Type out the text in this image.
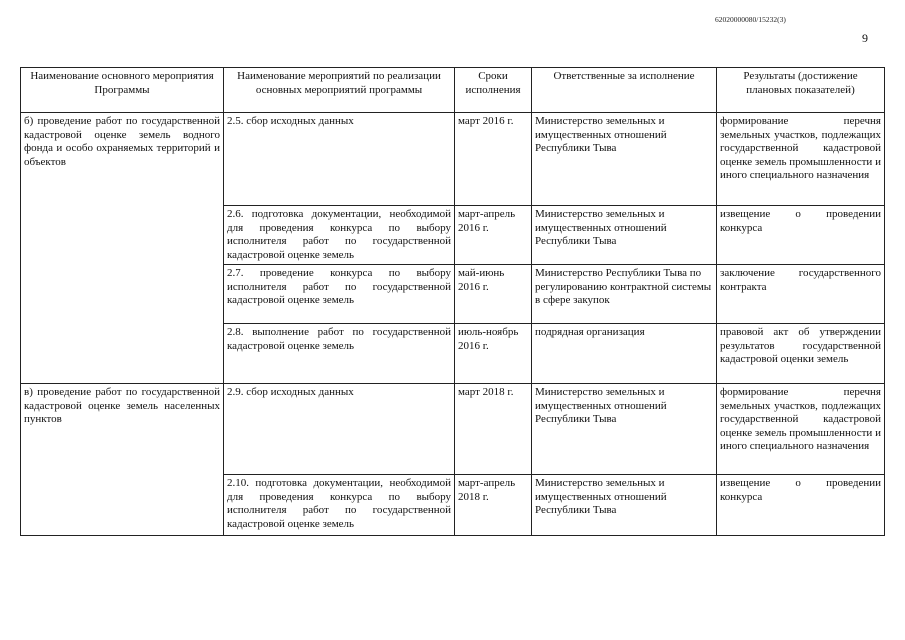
62020000080/15232(3)
9
Наименование основного мероприятия Программы	Наименование мероприятий по реализации основных мероприятий программы	Сроки исполнения	Ответственные за исполнение	Результаты (достижение плановых показателей)
б) проведение работ по государственной кадастровой оценке земель водного фонда и особо охраняемых территорий и объектов	2.5. сбор исходных данных	март 2016 г.	Министерство земельных и имущественных отношений Республики Тыва	формирование перечня земельных участков, подлежащих государственной кадастровой оценке земель промышленности и иного специального назначения
	2.6. подготовка документации, необходимой для проведения конкурса по выбору исполнителя работ по государственной кадастровой оценке земель	март-апрель 2016 г.	Министерство земельных и имущественных отношений Республики Тыва	извещение о проведении конкурса
	2.7. проведение конкурса по выбору исполнителя работ по государственной кадастровой оценке земель	май-июнь 2016 г.	Министерство Республики Тыва по регулированию контрактной системы в сфере закупок	заключение государственного контракта
	2.8. выполнение работ по государственной кадастровой оценке земель	июль-ноябрь 2016 г.	подрядная организация	правовой акт об утверждении результатов государственной кадастровой оценки земель
в) проведение работ по государственной кадастровой оценке земель населенных пунктов	2.9. сбор исходных данных	март 2018 г.	Министерство земельных и имущественных отношений Республики Тыва	формирование перечня земельных участков, подлежащих государственной кадастровой оценке земель промышленности и иного специального назначения
	2.10. подготовка документации, необходимой для проведения конкурса по выбору исполнителя работ по государственной кадастровой оценке земель	март-апрель 2018 г.	Министерство земельных и имущественных отношений Республики Тыва	извещение о проведении конкурса
